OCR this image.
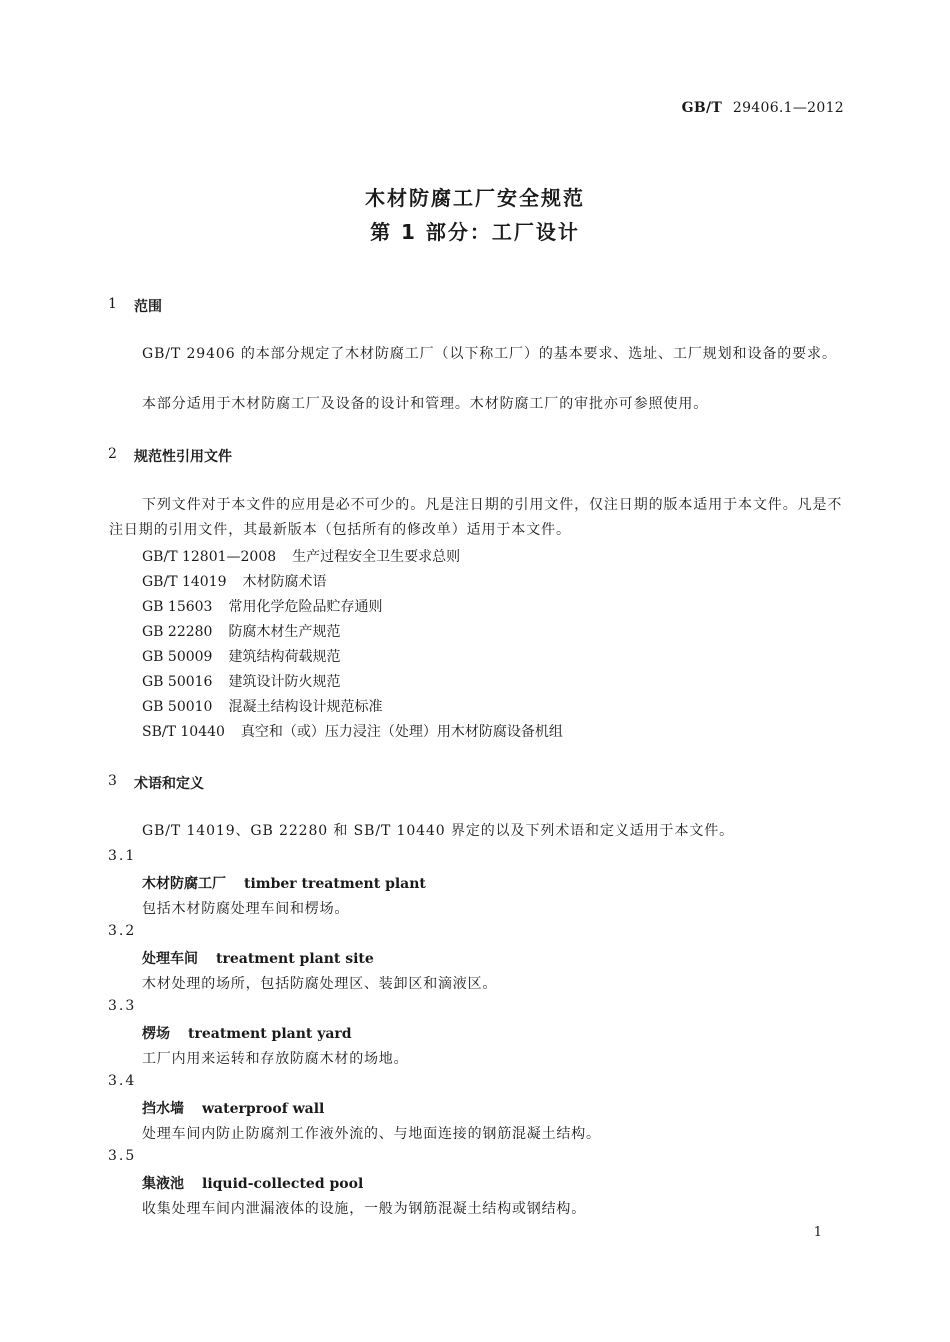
GB/T 29406.1—2012
木材防腐工厂安全规范
第 1 部分：工厂设计
1 范围
GB/T 29406 的本部分规定了木材防腐工厂（以下称工厂）的基本要求、选址、工厂规划和设备的要求。
本部分适用于木材防腐工厂及设备的设计和管理。木材防腐工厂的审批亦可参照使用。
2 规范性引用文件
下列文件对于本文件的应用是必不可少的。凡是注日期的引用文件，仅注日期的版本适用于本文件。凡是不注日期的引用文件，其最新版本（包括所有的修改单）适用于本文件。
GB/T 12801—2008 生产过程安全卫生要求总则
GB/T 14019 木材防腐术语
GB 15603 常用化学危险品贮存通则
GB 22280 防腐木材生产规范
GB 50009 建筑结构荷载规范
GB 50016 建筑设计防火规范
GB 50010 混凝土结构设计规范标准
SB/T 10440 真空和（或）压力浸注（处理）用木材防腐设备机组
3 术语和定义
GB/T 14019、GB 22280 和 SB/T 10440 界定的以及下列术语和定义适用于本文件。
3.1
木材防腐工厂 timber treatment plant
包括木材防腐处理车间和楞场。
3.2
处理车间 treatment plant site
木材处理的场所，包括防腐处理区、装卸区和滴液区。
3.3
楞场 treatment plant yard
工厂内用来运转和存放防腐木材的场地。
3.4
挡水墙 waterproof wall
处理车间内防止防腐剂工作液外流的、与地面连接的钢筋混凝土结构。
3.5
集液池 liquid-collected pool
收集处理车间内泄漏液体的设施，一般为钢筋混凝土结构或钢结构。
1
